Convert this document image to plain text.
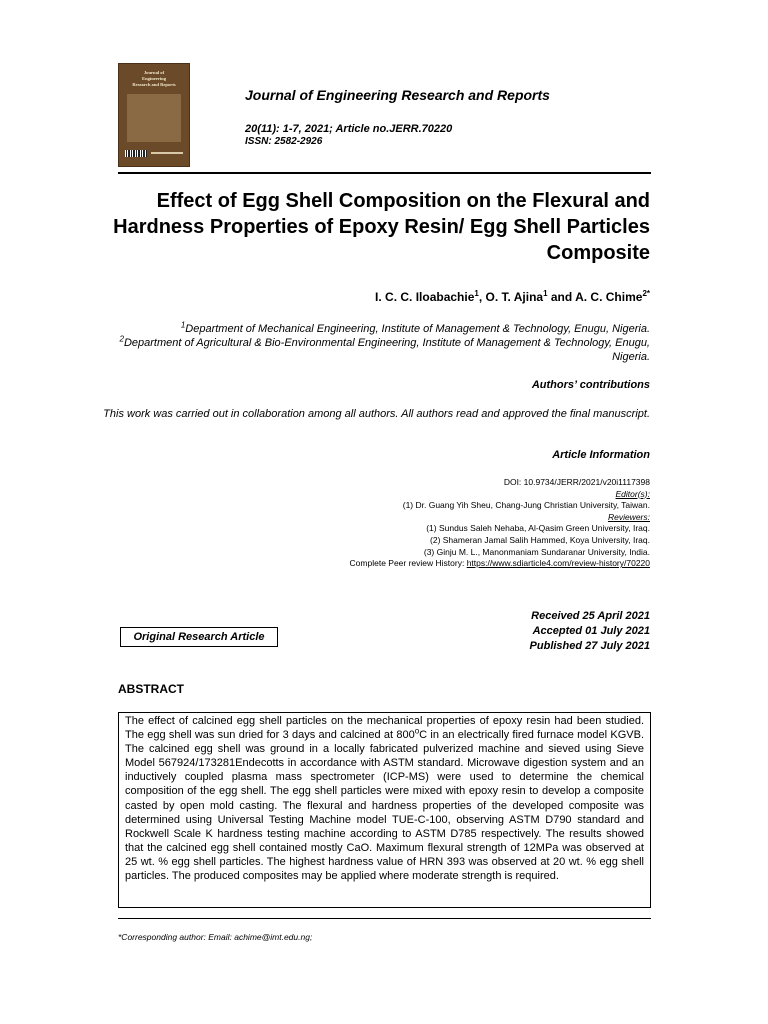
Journal of
Engineering
Research and Reports
Journal of Engineering Research and Reports
20(11): 1-7, 2021; Article no.JERR.70220
ISSN: 2582-2926
Effect of Egg Shell Composition on the Flexural and Hardness Properties of Epoxy Resin/ Egg Shell Particles Composite
I. C. C. Iloabachie$^1$, O. T. Ajina$^1$ and A. C. Chime$^{2*}$
$^1$Department of Mechanical Engineering, Institute of Management & Technology, Enugu, Nigeria.
$^2$Department of Agricultural & Bio-Environmental Engineering, Institute of Management & Technology, Enugu, Nigeria.
Authors’ contributions
This work was carried out in collaboration among all authors. All authors read and approved the final manuscript.
Article Information
DOI: 10.9734/JERR/2021/v20i1117398
Editor(s):
(1) Dr. Guang Yih Sheu, Chang-Jung Christian University, Taiwan.
Reviewers:
(1) Sundus Saleh Nehaba, Al-Qasim Green University, Iraq.
(2) Shameran Jamal Salih Hammed, Koya University, Iraq.
(3) Ginju M. L., Manonmaniam Sundaranar University, India.
Complete Peer review History: https://www.sdiarticle4.com/review-history/70220
Original Research Article
Received 25 April 2021
Accepted 01 July 2021
Published 27 July 2021
ABSTRACT
The effect of calcined egg shell particles on the mechanical properties of epoxy resin had been studied. The egg shell was sun dried for 3 days and calcined at 800$^o$C in an electrically fired furnace model KGVB. The calcined egg shell was ground in a locally fabricated pulverized machine and sieved using Sieve Model 567924/173281Endecotts in accordance with ASTM standard. Microwave digestion system and an inductively coupled plasma mass spectrometer (ICP-MS) were used to determine the chemical composition of the egg shell. The egg shell particles were mixed with epoxy resin to develop a composite casted by open mold casting. The flexural and hardness properties of the developed composite was determined using Universal Testing Machine model TUE-C-100, observing ASTM D790 standard and Rockwell Scale K hardness testing machine according to ASTM D785 respectively. The results showed that the calcined egg shell contained mostly CaO. Maximum flexural strength of 12MPa was observed at 25 wt. % egg shell particles. The highest hardness value of HRN 393 was observed at 20 wt. % egg shell particles. The produced composites may be applied where moderate strength is required.
*Corresponding author: Email: achime@imt.edu.ng;
